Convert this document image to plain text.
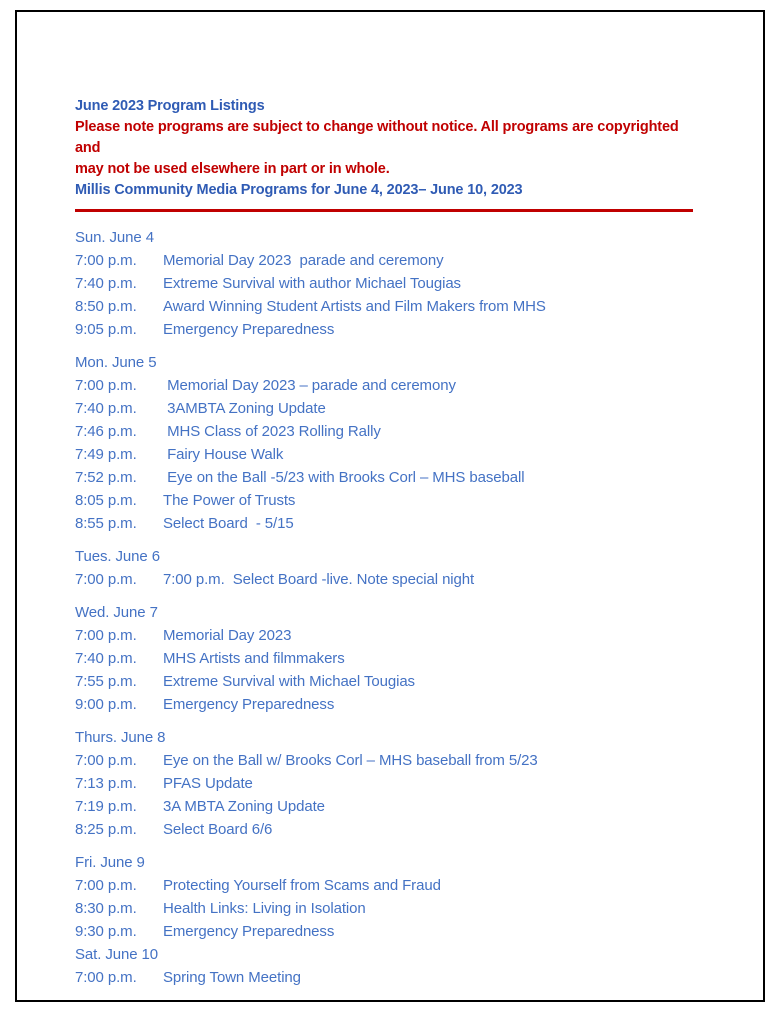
June 2023 Program Listings
Please note programs are subject to change without notice. All programs are copyrighted and
may not be used elsewhere in part or in whole.
Millis Community Media Programs for June 4, 2023– June 10, 2023
Sun. June 4
7:00 p.m.	Memorial Day 2023  parade and ceremony
7:40 p.m.	Extreme Survival with author Michael Tougias
8:50 p.m.	Award Winning Student Artists and Film Makers from MHS
9:05 p.m.	Emergency Preparedness
Mon. June 5
7:00 p.m.	Memorial Day 2023 – parade and ceremony
7:40 p.m.	3AMBTA Zoning Update
7:46 p.m.	MHS Class of 2023 Rolling Rally
7:49 p.m.	Fairy House Walk
7:52 p.m.	Eye on the Ball -5/23 with Brooks Corl – MHS baseball
8:05 p.m.	The Power of Trusts
8:55 p.m.	Select Board  - 5/15
Tues. June 6
7:00 p.m.	7:00 p.m.  Select Board -live. Note special night
Wed. June 7
7:00 p.m.	Memorial Day 2023
7:40 p.m.	MHS Artists and filmmakers
7:55 p.m.	Extreme Survival with Michael Tougias
9:00 p.m.	Emergency Preparedness
Thurs. June 8
7:00 p.m.	Eye on the Ball w/ Brooks Corl – MHS baseball from 5/23
7:13 p.m.	PFAS Update
7:19 p.m.	3A MBTA Zoning Update
8:25 p.m.	Select Board 6/6
Fri. June 9
7:00 p.m.	Protecting Yourself from Scams and Fraud
8:30 p.m.	Health Links: Living in Isolation
9:30 p.m.	Emergency Preparedness
Sat. June 10
7:00 p.m.	Spring Town Meeting
